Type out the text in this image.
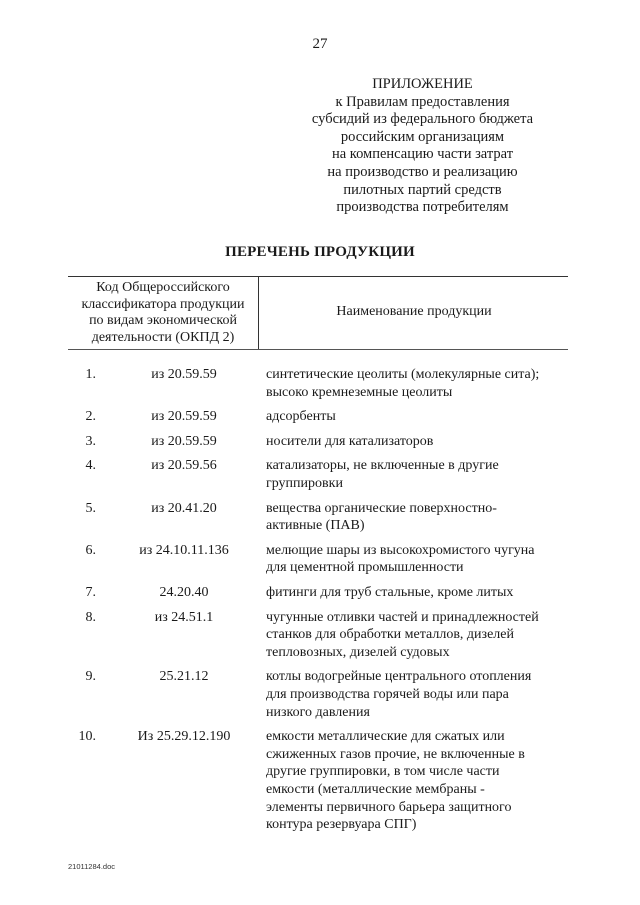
27
ПРИЛОЖЕНИЕ
к Правилам предоставления
субсидий из федерального бюджета
российским организациям
на компенсацию части затрат
на производство и реализацию
пилотных партий средств
производства потребителям
ПЕРЕЧЕНЬ ПРОДУКЦИИ
Код Общероссийского
классификатора продукции
по видам экономической
деятельности (ОКПД 2)
Наименование продукции
1.	из 20.59.59	синтетические цеолиты (молекулярные сита);
высоко кремнеземные цеолиты
2.	из 20.59.59	адсорбенты
3.	из 20.59.59	носители для катализаторов
4.	из 20.59.56	катализаторы, не включенные в другие
группировки
5.	из 20.41.20	вещества органические поверхностно-
активные (ПАВ)
6.	из 24.10.11.136	мелющие шары из высокохромистого чугуна
для цементной промышленности
7.	24.20.40	фитинги для труб стальные, кроме литых
8.	из 24.51.1	чугунные отливки частей и принадлежностей
станков для обработки металлов, дизелей
тепловозных, дизелей судовых
9.	25.21.12	котлы водогрейные центрального отопления
для производства горячей воды или пара
низкого давления
10.	Из 25.29.12.190	емкости металлические для сжатых или
сжиженных газов прочие, не включенные в
другие группировки, в том числе части
емкости (металлические мембраны -
элементы первичного барьера защитного
контура резервуара СПГ)
21011284.doc
